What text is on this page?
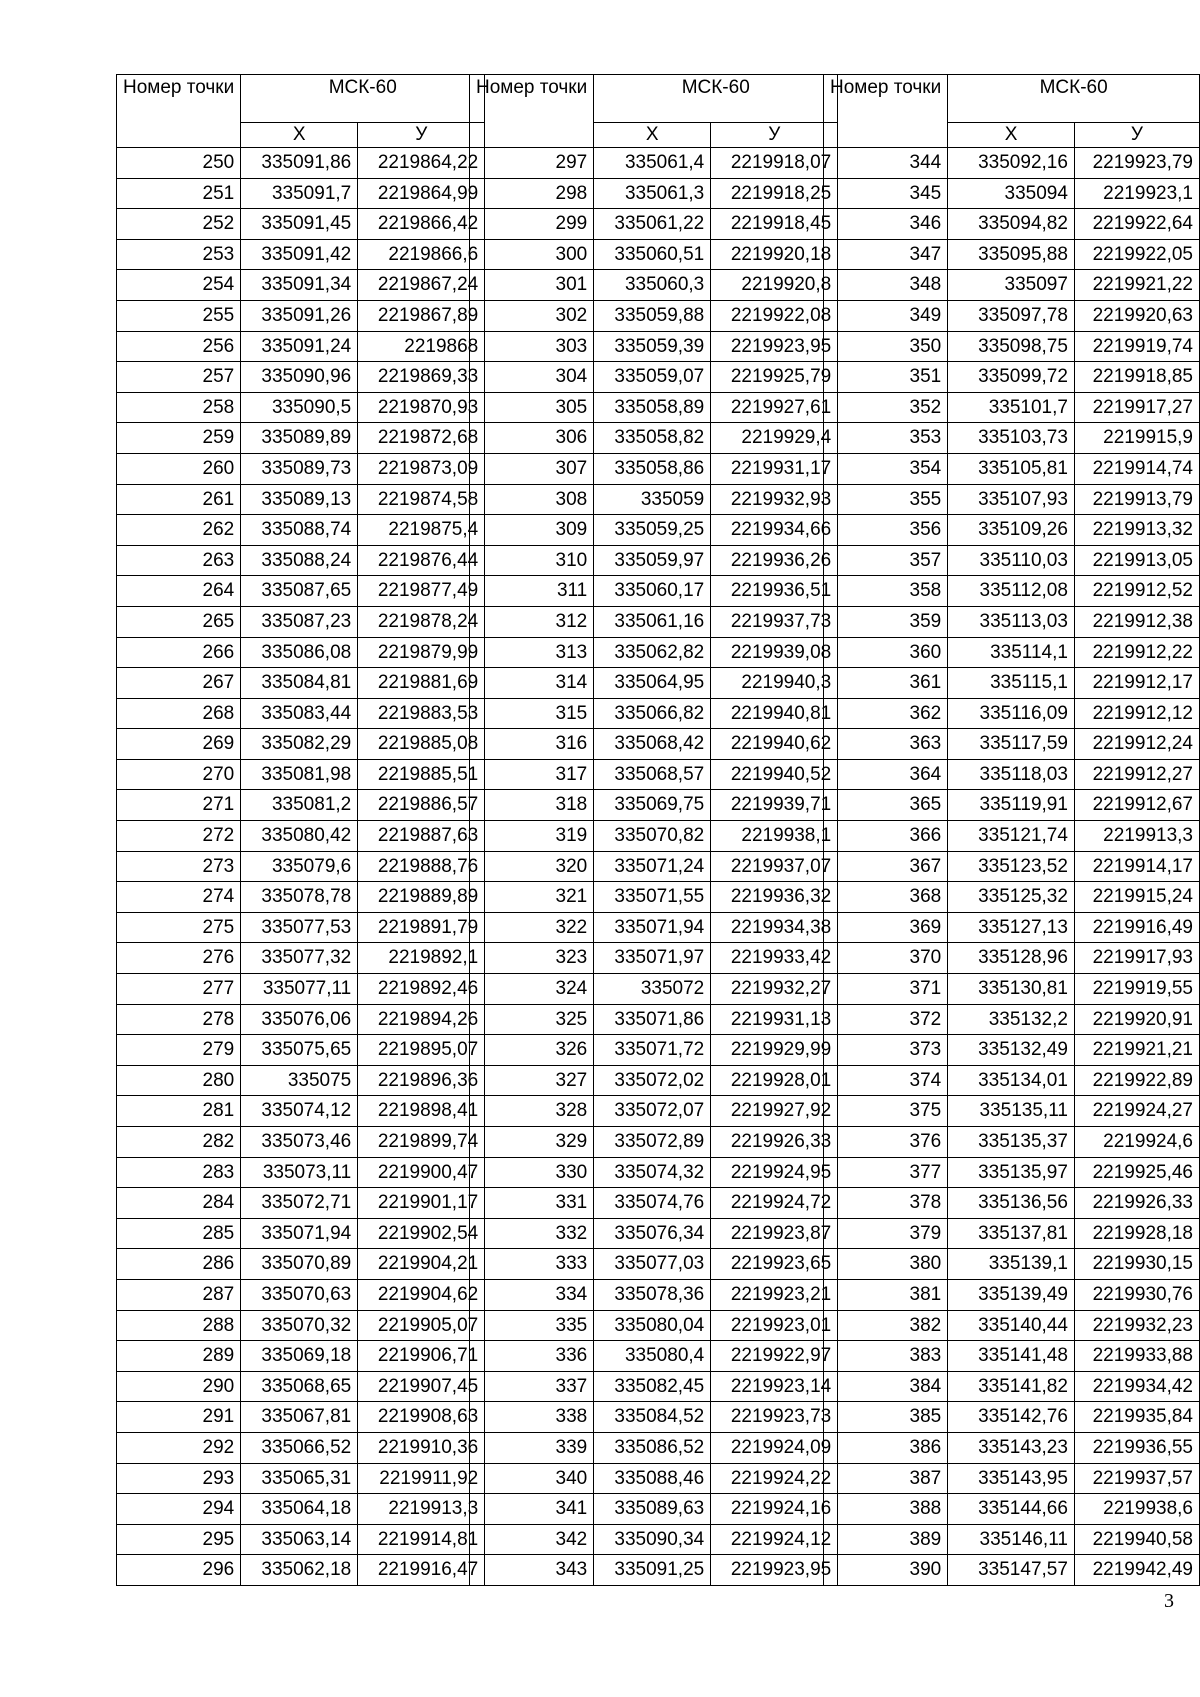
Номер точки	МСК-60	
	Х	У
250	335091,86	2219864,22
251	335091,7	2219864,99
252	335091,45	2219866,42
253	335091,42	2219866,6
254	335091,34	2219867,24
255	335091,26	2219867,89
256	335091,24	2219868
257	335090,96	2219869,33
258	335090,5	2219870,93
259	335089,89	2219872,68
260	335089,73	2219873,09
261	335089,13	2219874,58
262	335088,74	2219875,4
263	335088,24	2219876,44
264	335087,65	2219877,49
265	335087,23	2219878,24
266	335086,08	2219879,99
267	335084,81	2219881,69
268	335083,44	2219883,53
269	335082,29	2219885,08
270	335081,98	2219885,51
271	335081,2	2219886,57
272	335080,42	2219887,63
273	335079,6	2219888,76
274	335078,78	2219889,89
275	335077,53	2219891,79
276	335077,32	2219892,1
277	335077,11	2219892,46
278	335076,06	2219894,26
279	335075,65	2219895,07
280	335075	2219896,36
281	335074,12	2219898,41
282	335073,46	2219899,74
283	335073,11	2219900,47
284	335072,71	2219901,17
285	335071,94	2219902,54
286	335070,89	2219904,21
287	335070,63	2219904,62
288	335070,32	2219905,07
289	335069,18	2219906,71
290	335068,65	2219907,45
291	335067,81	2219908,63
292	335066,52	2219910,36
293	335065,31	2219911,92
294	335064,18	2219913,3
295	335063,14	2219914,81
296	335062,18	2219916,47
Номер точки	МСК-60	
	Х	У
297	335061,4	2219918,07
298	335061,3	2219918,25
299	335061,22	2219918,45
300	335060,51	2219920,18
301	335060,3	2219920,8
302	335059,88	2219922,08
303	335059,39	2219923,95
304	335059,07	2219925,79
305	335058,89	2219927,61
306	335058,82	2219929,4
307	335058,86	2219931,17
308	335059	2219932,93
309	335059,25	2219934,66
310	335059,97	2219936,26
311	335060,17	2219936,51
312	335061,16	2219937,73
313	335062,82	2219939,08
314	335064,95	2219940,3
315	335066,82	2219940,81
316	335068,42	2219940,62
317	335068,57	2219940,52
318	335069,75	2219939,71
319	335070,82	2219938,1
320	335071,24	2219937,07
321	335071,55	2219936,32
322	335071,94	2219934,38
323	335071,97	2219933,42
324	335072	2219932,27
325	335071,86	2219931,13
326	335071,72	2219929,99
327	335072,02	2219928,01
328	335072,07	2219927,92
329	335072,89	2219926,33
330	335074,32	2219924,95
331	335074,76	2219924,72
332	335076,34	2219923,87
333	335077,03	2219923,65
334	335078,36	2219923,21
335	335080,04	2219923,01
336	335080,4	2219922,97
337	335082,45	2219923,14
338	335084,52	2219923,73
339	335086,52	2219924,09
340	335088,46	2219924,22
341	335089,63	2219924,16
342	335090,34	2219924,12
343	335091,25	2219923,95
Номер точки	МСК-60	
	Х	У
344	335092,16	2219923,79
345	335094	2219923,1
346	335094,82	2219922,64
347	335095,88	2219922,05
348	335097	2219921,22
349	335097,78	2219920,63
350	335098,75	2219919,74
351	335099,72	2219918,85
352	335101,7	2219917,27
353	335103,73	2219915,9
354	335105,81	2219914,74
355	335107,93	2219913,79
356	335109,26	2219913,32
357	335110,03	2219913,05
358	335112,08	2219912,52
359	335113,03	2219912,38
360	335114,1	2219912,22
361	335115,1	2219912,17
362	335116,09	2219912,12
363	335117,59	2219912,24
364	335118,03	2219912,27
365	335119,91	2219912,67
366	335121,74	2219913,3
367	335123,52	2219914,17
368	335125,32	2219915,24
369	335127,13	2219916,49
370	335128,96	2219917,93
371	335130,81	2219919,55
372	335132,2	2219920,91
373	335132,49	2219921,21
374	335134,01	2219922,89
375	335135,11	2219924,27
376	335135,37	2219924,6
377	335135,97	2219925,46
378	335136,56	2219926,33
379	335137,81	2219928,18
380	335139,1	2219930,15
381	335139,49	2219930,76
382	335140,44	2219932,23
383	335141,48	2219933,88
384	335141,82	2219934,42
385	335142,76	2219935,84
386	335143,23	2219936,55
387	335143,95	2219937,57
388	335144,66	2219938,6
389	335146,11	2219940,58
390	335147,57	2219942,49
3
